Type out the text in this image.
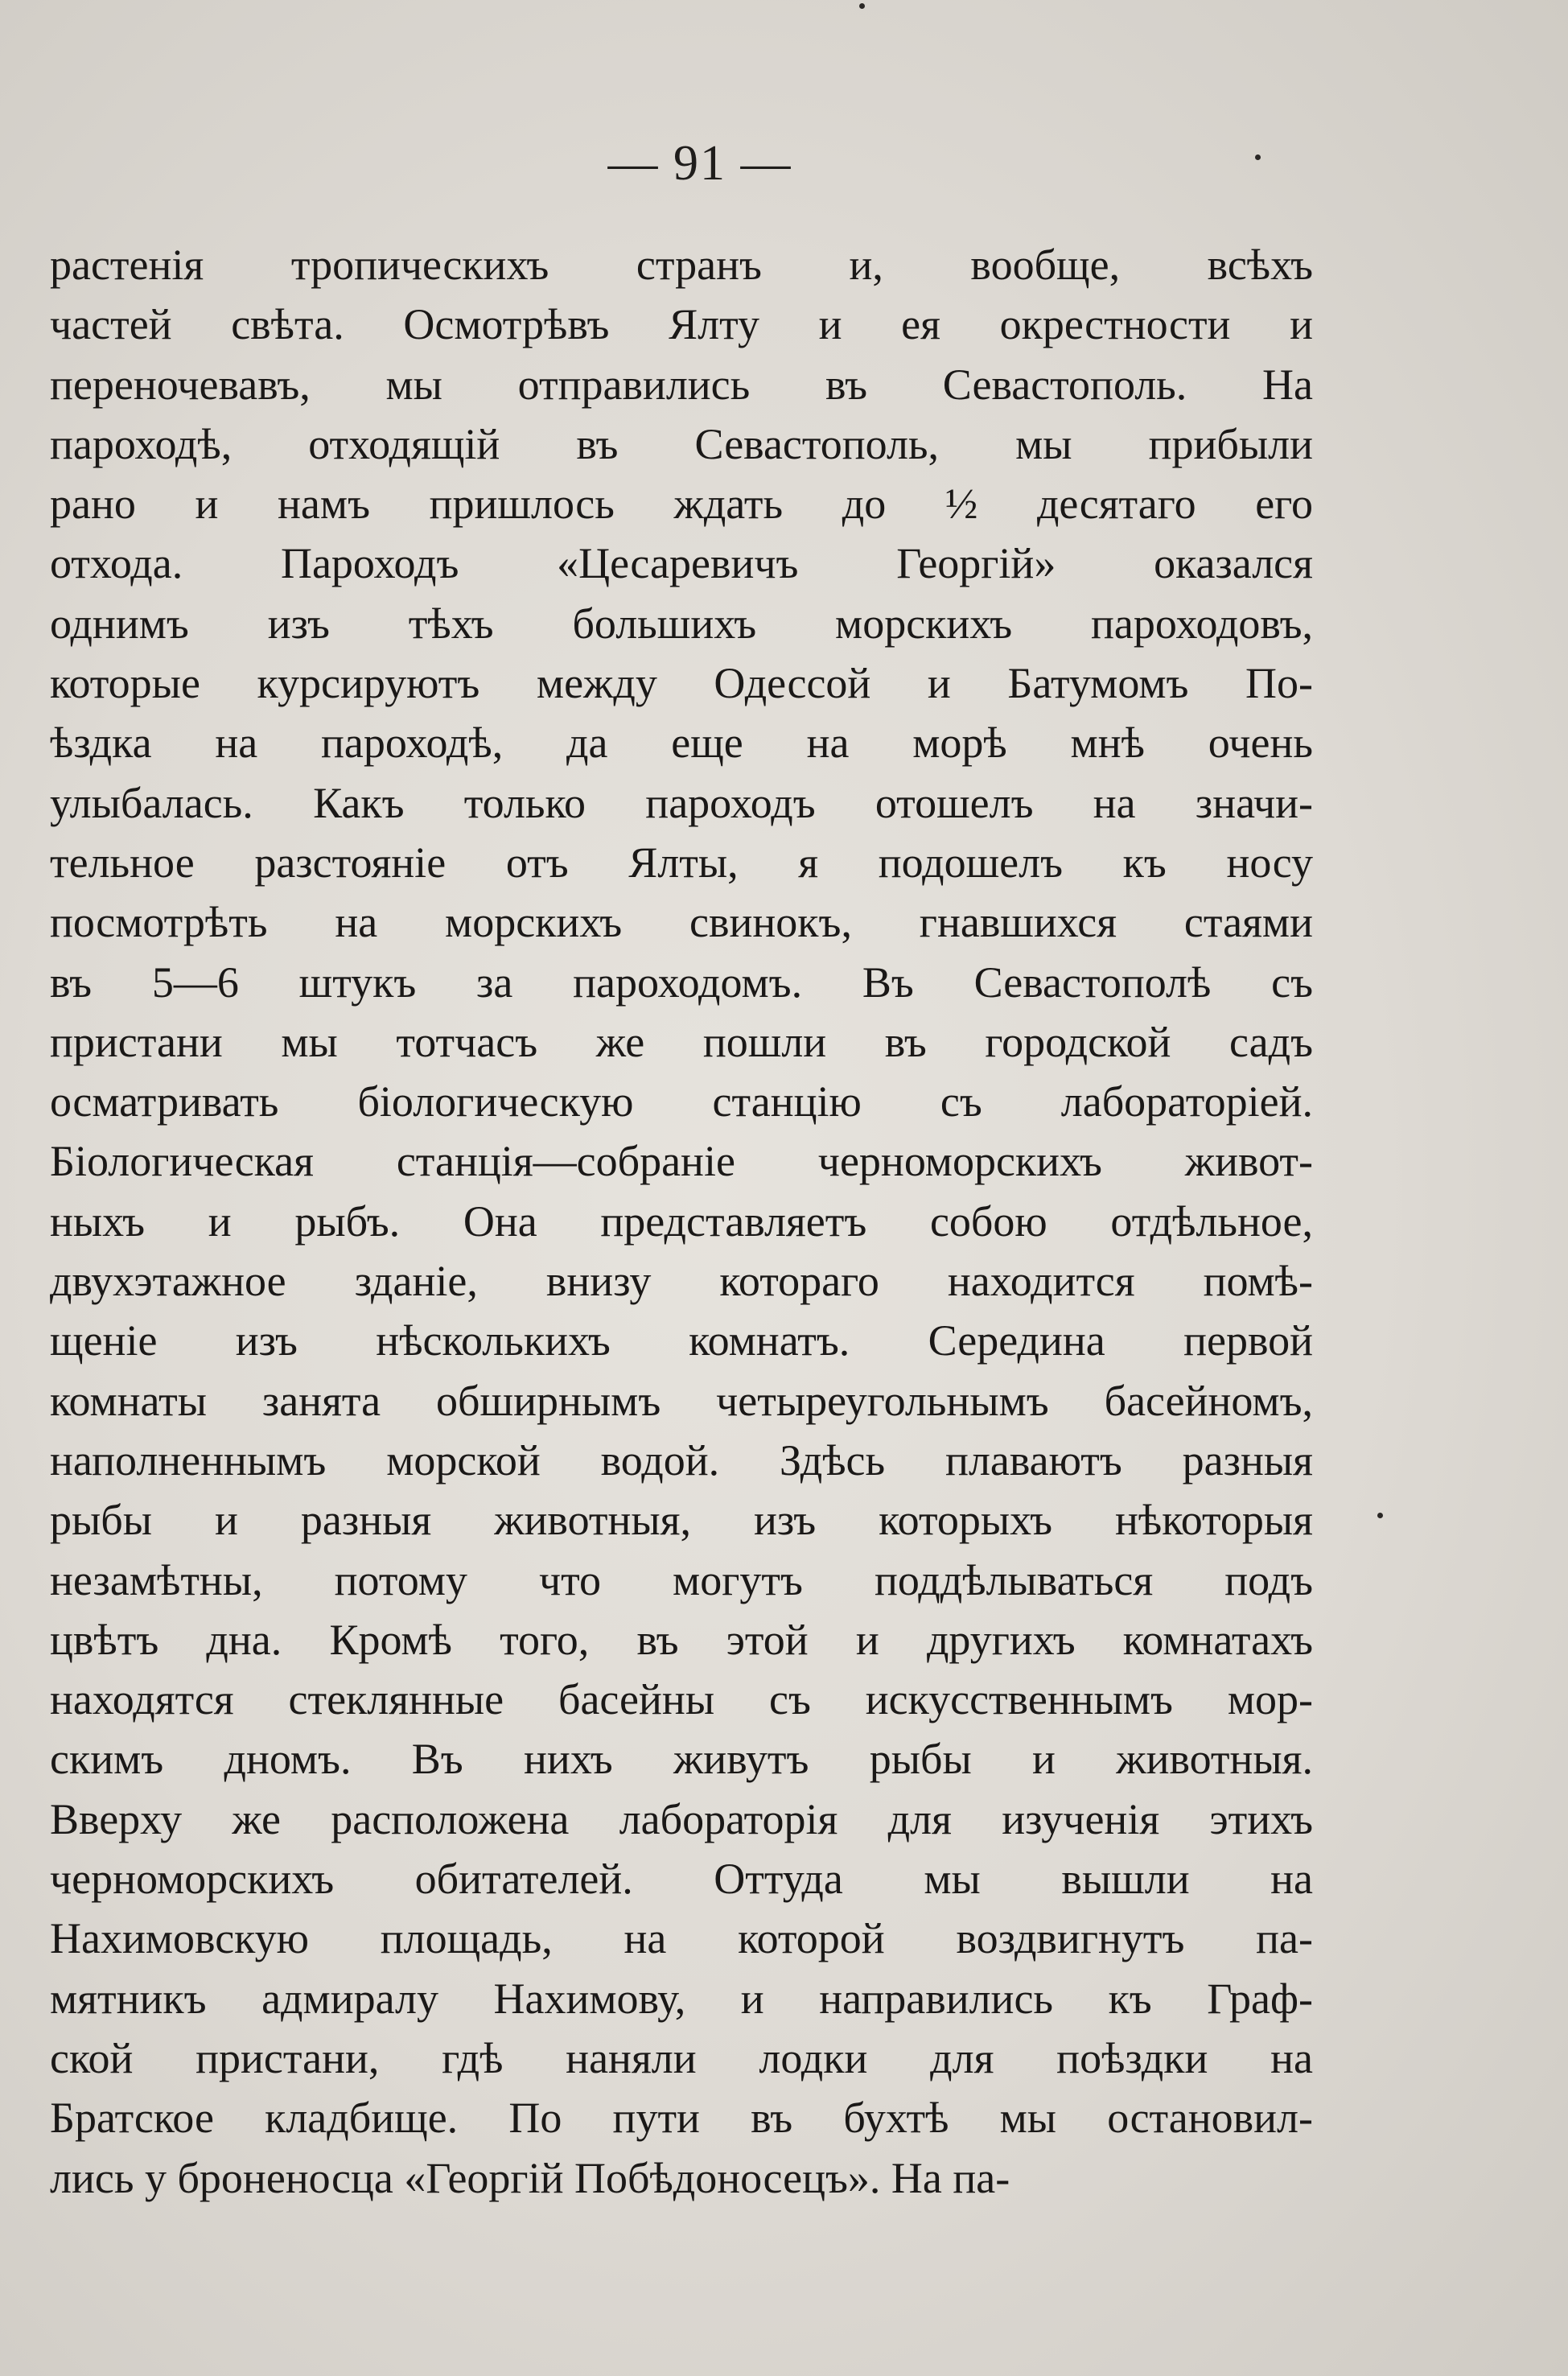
— 91 —
растенія тропическихъ странъ и, вообще, всѣхъ
частей свѣта. Осмотрѣвъ Ялту и ея окрестности и
переночевавъ, мы отправились въ Севастополь. На
пароходѣ, отходящій въ Севастополь, мы прибыли
рано и намъ пришлось ждать до ½ десятаго его
отхода. Пароходъ «Цесаревичъ Георгій» оказался
однимъ изъ тѣхъ большихъ морскихъ пароходовъ,
которые курсируютъ между Одессой и Батумомъ По-
ѣздка на пароходѣ, да еще на морѣ мнѣ очень
улыбалась. Какъ только пароходъ отошелъ на значи-
тельное разстояніе отъ Ялты, я подошелъ къ носу
посмотрѣть на морскихъ свинокъ, гнавшихся стаями
въ 5—6 штукъ за пароходомъ. Въ Севастополѣ съ
пристани мы тотчасъ же пошли въ городской садъ
осматривать біологическую станцію съ лабораторіей.
Біологическая станція—собраніе черноморскихъ живот-
ныхъ и рыбъ. Она представляетъ собою отдѣльное,
двухэтажное зданіе, внизу котораго находится помѣ-
щеніе изъ нѣсколькихъ комнатъ. Середина первой
комнаты занята обширнымъ четыреугольнымъ басейномъ,
наполненнымъ морской водой. Здѣсь плаваютъ разныя
рыбы и разныя животныя, изъ которыхъ нѣкоторыя
незамѣтны, потому что могутъ поддѣлываться подъ
цвѣтъ дна. Кромѣ того, въ этой и другихъ комнатахъ
находятся стеклянные басейны съ искусственнымъ мор-
скимъ дномъ. Въ нихъ живутъ рыбы и животныя.
Вверху же расположена лабораторія для изученія этихъ
черноморскихъ обитателей. Оттуда мы вышли на
Нахимовскую площадь, на которой воздвигнутъ па-
мятникъ адмиралу Нахимову, и направились къ Граф-
ской пристани, гдѣ наняли лодки для поѣздки на
Братское кладбище. По пути въ бухтѣ мы остановил-
лись у броненосца «Георгій Побѣдоносецъ». На па-
